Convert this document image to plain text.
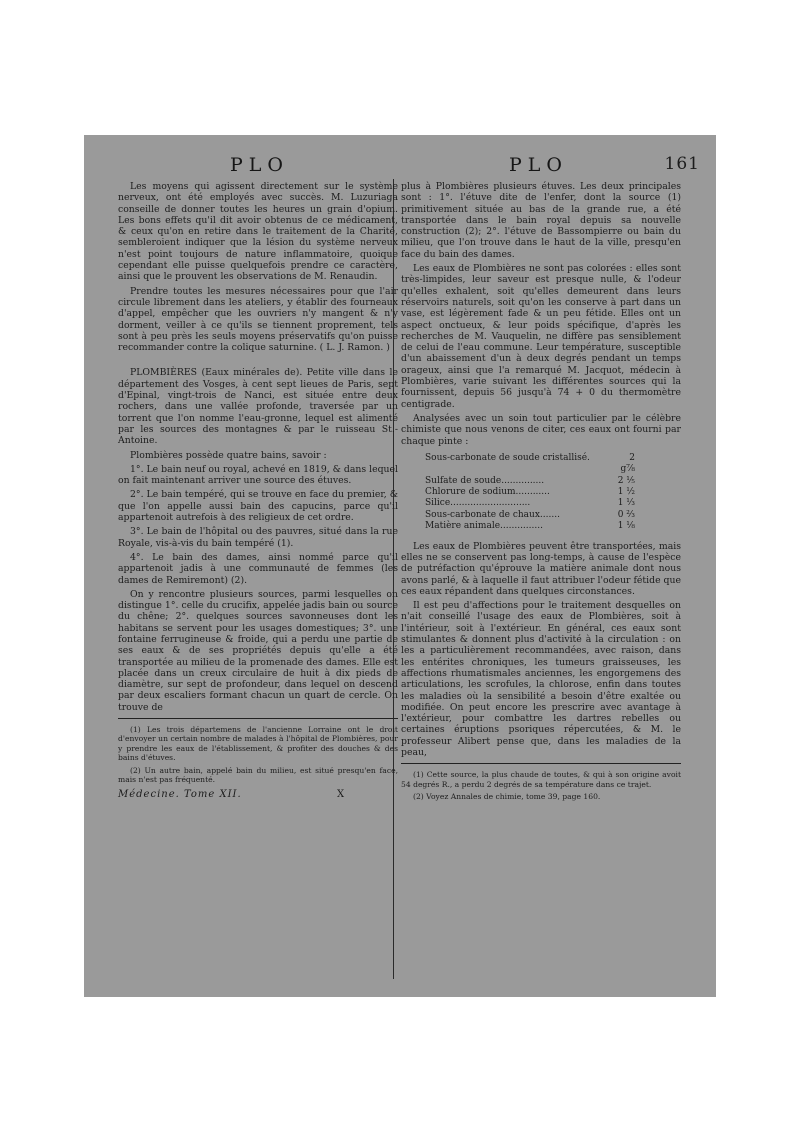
PLO	PLO	161

Les moyens qui agissent directement sur le système nerveux, ont été employés avec succès. M. Luzuriaga conseille de donner toutes les heures un grain d'opium. Les bons effets qu'il dit avoir obtenus de ce médicament, & ceux qu'on en retire dans le traitement de la Charité, sembleroient indiquer que la lésion du système nerveux n'est point toujours de nature inflammatoire, quoique cependant elle puisse quelquefois prendre ce caractère, ainsi que le prouvent les observations de M. Renaudin.

Prendre toutes les mesures nécessaires pour que l'air circule librement dans les ateliers, y établir des fourneaux d'appel, empêcher que les ouvriers n'y mangent & n'y dorment, veiller à ce qu'ils se tiennent proprement, tels sont à peu près les seuls moyens préservatifs qu'on puisse recommander contre la colique saturnine. ( L. J. Ramon. )

PLOMBIÈRES (Eaux minérales de). Petite ville dans le département des Vosges, à cent sept lieues de Paris, sept d'Epinal, vingt-trois de Nanci, est située entre deux rochers, dans une vallée profonde, traversée par un torrent que l'on nomme l'eau-gronne, lequel est alimenté par les sources des montagnes & par le ruisseau St.-Antoine.

Plombières possède quatre bains, savoir :

1°. Le bain neuf ou royal, achevé en 1819, & dans lequel on fait maintenant arriver une source des étuves.

2°. Le bain tempéré, qui se trouve en face du premier, & que l'on appelle aussi bain des capucins, parce qu'il appartenoit autrefois à des religieux de cet ordre.

3°. Le bain de l'hôpital ou des pauvres, situé dans la rue Royale, vis-à-vis du bain tempéré (1).

4°. Le bain des dames, ainsi nommé parce qu'il appartenoit jadis à une communauté de femmes (les dames de Remiremont) (2).

On y rencontre plusieurs sources, parmi lesquelles on distingue 1°. celle du crucifix, appelée jadis bain ou source du chêne; 2°. quelques sources savonneuses dont les habitans se servent pour les usages domestiques; 3°. une fontaine ferrugineuse & froide, qui a perdu une partie de ses eaux & de ses propriétés depuis qu'elle a été transportée au milieu de la promenade des dames. Elle est placée dans un creux circulaire de huit à dix pieds de diamètre, sur sept de profondeur, dans lequel on descend par deux escaliers formant chacun un quart de cercle. On trouve de

(1) Les trois départemens de l'ancienne Lorraine ont le droit d'envoyer un certain nombre de malades à l'hôpital de Plombières, pour y prendre les eaux de l'établissement, & profiter des douches & des bains d'étuves.

(2) Un autre bain, appelé bain du milieu, est situé presqu'en face, mais n'est pas fréquenté.

Médecine. Tome XII.	X

plus à Plombières plusieurs étuves. Les deux principales sont : 1°. l'étuve dite de l'enfer, dont la source (1) primitivement située au bas de la grande rue, a été transportée dans le bain royal depuis sa nouvelle construction (2); 2°. l'étuve de Bassompierre ou bain du milieu, que l'on trouve dans le haut de la ville, presqu'en face du bain des dames.

Les eaux de Plombières ne sont pas colorées : elles sont très-limpides, leur saveur est presque nulle, & l'odeur qu'elles exhalent, soit qu'elles demeurent dans leurs réservoirs naturels, soit qu'on les conserve à part dans un vase, est légèrement fade & un peu fétide. Elles ont un aspect onctueux, & leur poids spécifique, d'après les recherches de M. Vauquelin, ne diffère pas sensiblement de celui de l'eau commune. Leur température, susceptible d'un abaissement d'un à deux degrés pendant un temps orageux, ainsi que l'a remarqué M. Jacquot, médecin à Plombières, varie suivant les différentes sources qui la fournissent, depuis 56 jusqu'à 74 + 0 du thermomètre centigrade.

Analysées avec un soin tout particulier par le célèbre chimiste que nous venons de citer, ces eaux ont fourni par chaque pinte :

Sous-carbonate de soude cristallisé.	2 g⅞
Sulfate de soude...............	2 ⅕
Chlorure de sodium............	1 ½
Silice............................	1 ⅓
Sous-carbonate de chaux.......	0 ⅔
Matière animale...............	1 ⅛

Les eaux de Plombières peuvent être transportées, mais elles ne se conservent pas long-temps, à cause de l'espèce de putréfaction qu'éprouve la matière animale dont nous avons parlé, & à laquelle il faut attribuer l'odeur fétide que ces eaux répandent dans quelques circonstances.

Il est peu d'affections pour le traitement desquelles on n'ait conseillé l'usage des eaux de Plombières, soit à l'intérieur, soit à l'extérieur. En général, ces eaux sont stimulantes & donnent plus d'activité à la circulation : on les a particulièrement recommandées, avec raison, dans les entérites chroniques, les tumeurs graisseuses, les affections rhumatismales anciennes, les engorgemens des articulations, les scrofules, la chlorose, enfin dans toutes les maladies où la sensibilité a besoin d'être exaltée ou modifiée. On peut encore les prescrire avec avantage à l'extérieur, pour combattre les dartres rebelles ou certaines éruptions psoriques répercutées, & M. le professeur Alibert pense que, dans les maladies de la peau,

(1) Cette source, la plus chaude de toutes, & qui à son origine avoit 54 degrés R., a perdu 2 degrés de sa température dans ce trajet.

(2) Voyez Annales de chimie, tome 39, page 160.
